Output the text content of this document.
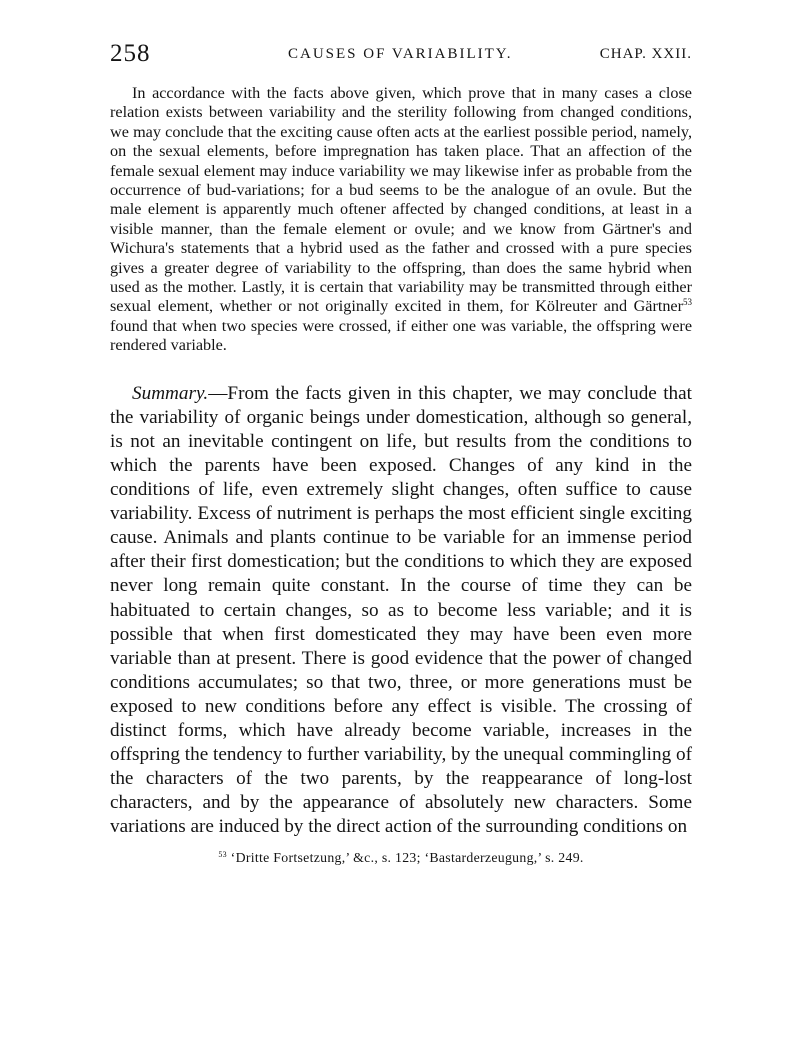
258	CAUSES OF VARIABILITY.	CHAP. XXII.

In accordance with the facts above given, which prove that in many cases a close relation exists between variability and the sterility following from changed conditions, we may conclude that the exciting cause often acts at the earliest possible period, namely, on the sexual elements, before impregnation has taken place. That an affection of the female sexual element may induce variability we may likewise infer as probable from the occurrence of bud-variations; for a bud seems to be the analogue of an ovule. But the male element is apparently much oftener affected by changed conditions, at least in a visible manner, than the female element or ovule; and we know from Gärtner's and Wichura's statements that a hybrid used as the father and crossed with a pure species gives a greater degree of variability to the offspring, than does the same hybrid when used as the mother. Lastly, it is certain that variability may be transmitted through either sexual element, whether or not originally excited in them, for Kölreuter and Gärtner$^{53}$ found that when two species were crossed, if either one was variable, the offspring were rendered variable.

Summary.—From the facts given in this chapter, we may conclude that the variability of organic beings under domestication, although so general, is not an inevitable contingent on life, but results from the conditions to which the parents have been exposed. Changes of any kind in the conditions of life, even extremely slight changes, often suffice to cause variability. Excess of nutriment is perhaps the most efficient single exciting cause. Animals and plants continue to be variable for an immense period after their first domestication; but the conditions to which they are exposed never long remain quite constant. In the course of time they can be habituated to certain changes, so as to become less variable; and it is possible that when first domesticated they may have been even more variable than at present. There is good evidence that the power of changed conditions accumulates; so that two, three, or more generations must be exposed to new conditions before any effect is visible. The crossing of distinct forms, which have already become variable, increases in the offspring the tendency to further variability, by the unequal commingling of the characters of the two parents, by the reappearance of long-lost characters, and by the appearance of absolutely new characters. Some variations are induced by the direct action of the surrounding conditions on

$^{53}$ ‘Dritte Fortsetzung,’ &c., s. 123; ‘Bastarderzeugung,’ s. 249.
